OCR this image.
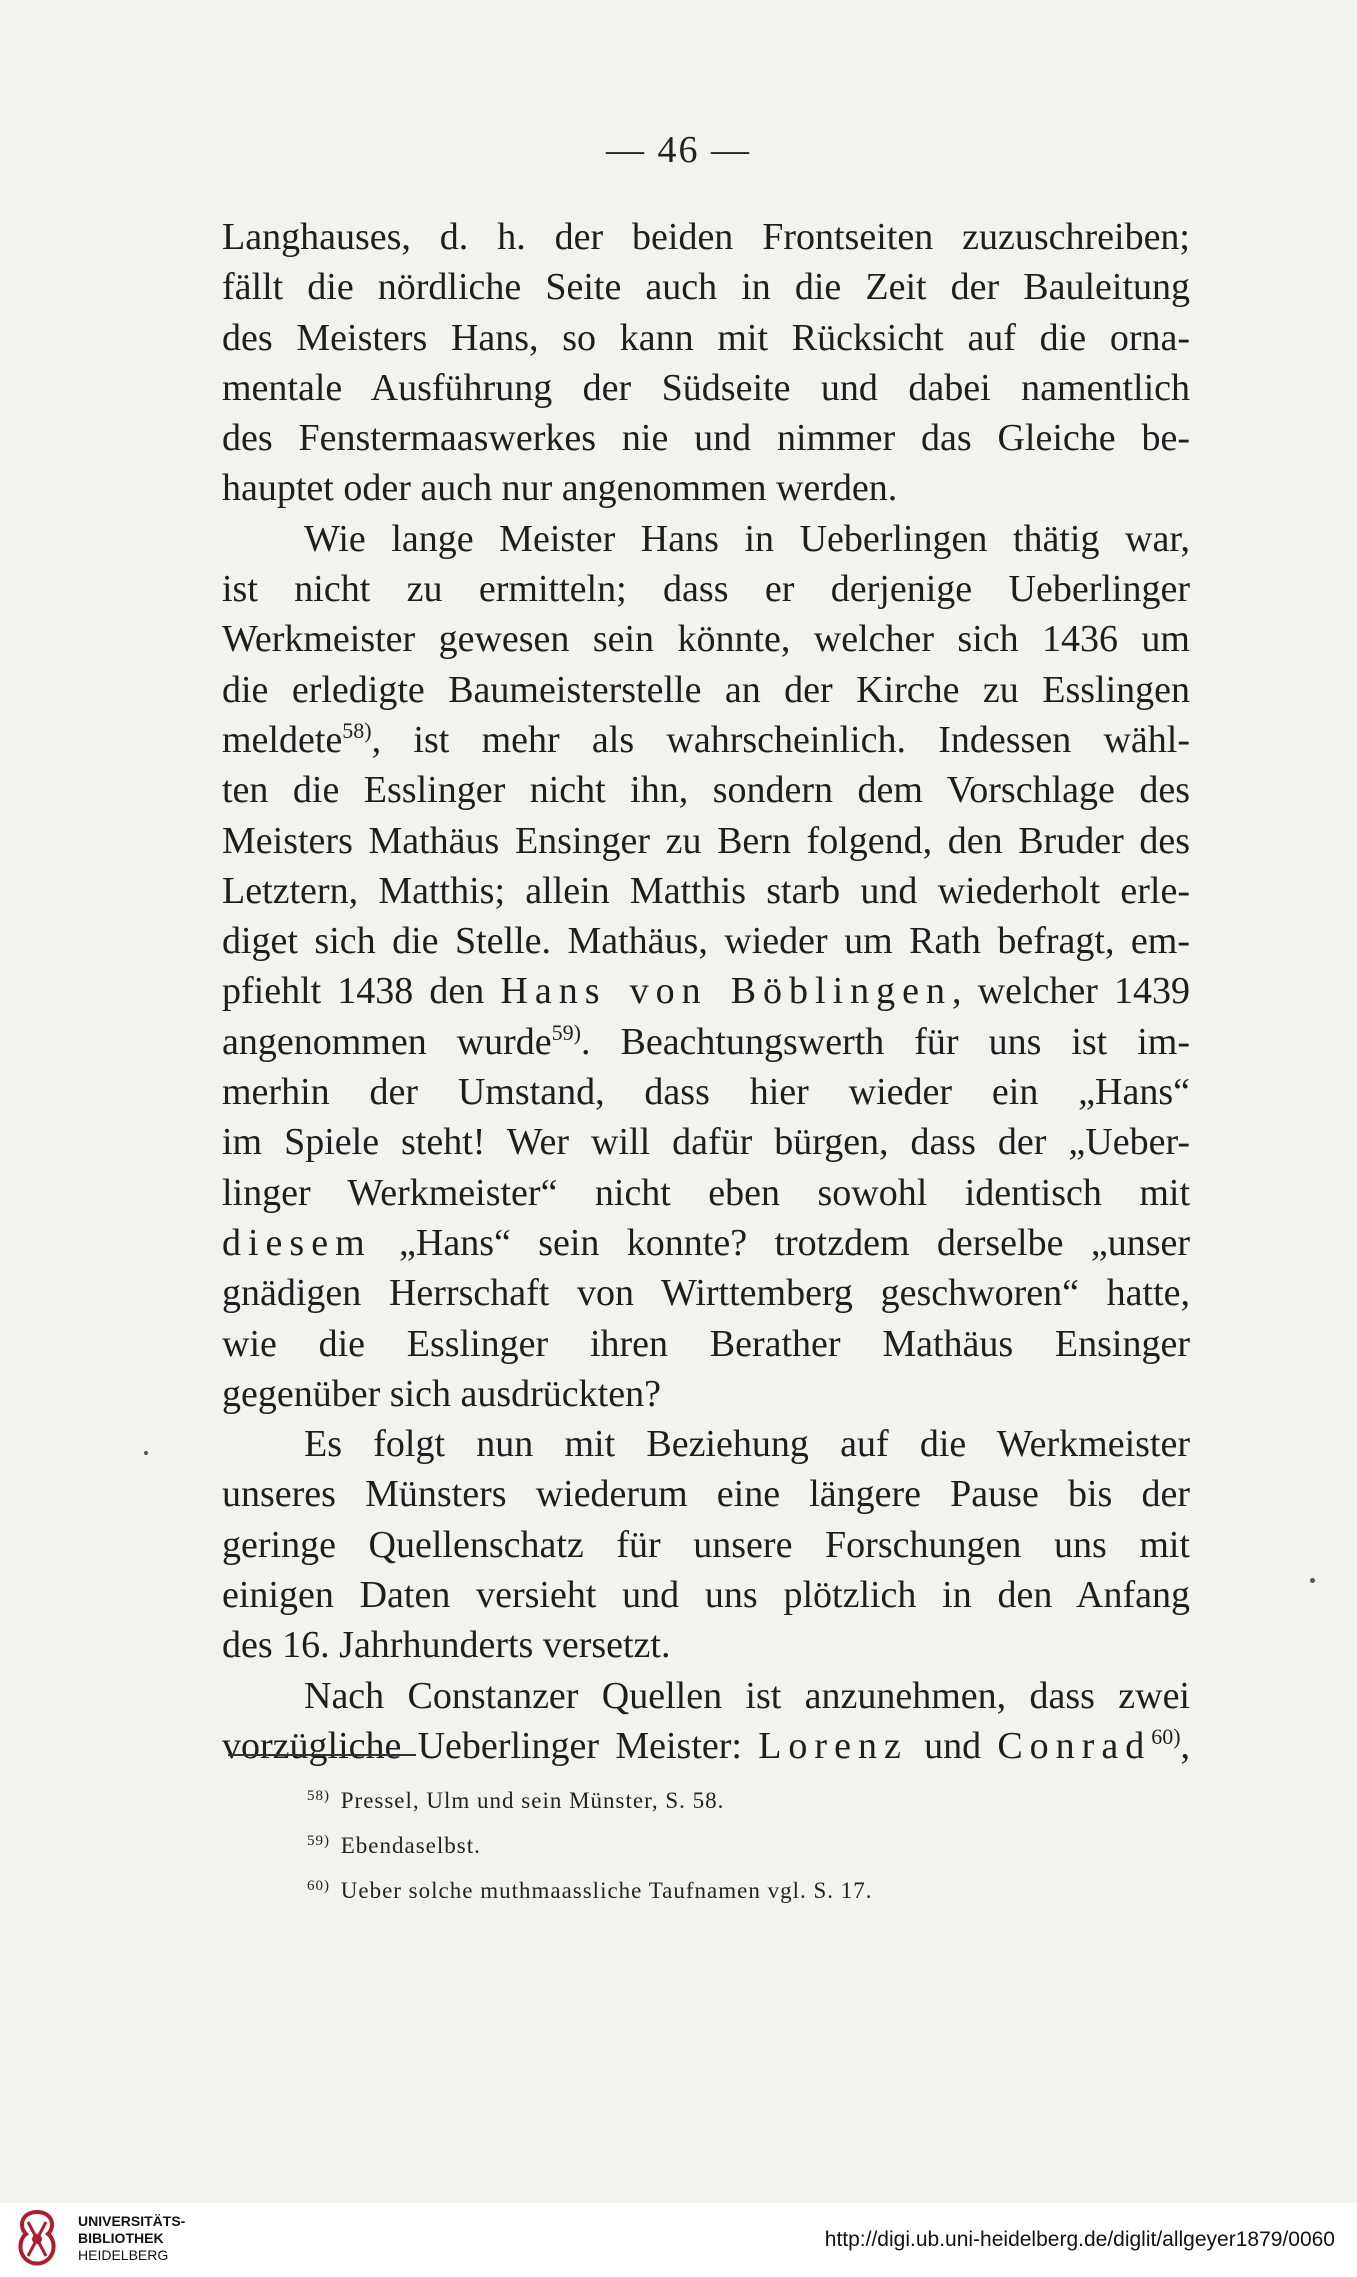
— 46 —
Langhauses, d. h. der beiden Frontseiten zuzuschreiben;
fällt die nördliche Seite auch in die Zeit der Bauleitung
des Meisters Hans, so kann mit Rücksicht auf die orna-
mentale Ausführung der Südseite und dabei namentlich
des Fenstermaaswerkes nie und nimmer das Gleiche be-
hauptet oder auch nur angenommen werden.
Wie lange Meister Hans in Ueberlingen thätig war,
ist nicht zu ermitteln; dass er derjenige Ueberlinger
Werkmeister gewesen sein könnte, welcher sich 1436 um
die erledigte Baumeisterstelle an der Kirche zu Esslingen
meldete$^{58)}$, ist mehr als wahrscheinlich. Indessen wähl-
ten die Esslinger nicht ihn, sondern dem Vorschlage des
Meisters Mathäus Ensinger zu Bern folgend, den Bruder des
Letztern, Matthis; allein Matthis starb und wiederholt erle-
diget sich die Stelle. Mathäus, wieder um Rath befragt, em-
pfiehlt 1438 den Hans von Böblingen, welcher 1439
angenommen wurde$^{59)}$. Beachtungswerth für uns ist im-
merhin der Umstand, dass hier wieder ein „Hans“
im Spiele steht! Wer will dafür bürgen, dass der „Ueber-
linger Werkmeister“ nicht eben sowohl identisch mit
diesem „Hans“ sein konnte? trotzdem derselbe „unser
gnädigen Herrschaft von Wirttemberg geschworen“ hatte,
wie die Esslinger ihren Berather Mathäus Ensinger
gegenüber sich ausdrückten?
Es folgt nun mit Beziehung auf die Werkmeister
unseres Münsters wiederum eine längere Pause bis der
geringe Quellenschatz für unsere Forschungen uns mit
einigen Daten versieht und uns plötzlich in den Anfang
des 16. Jahrhunderts versetzt.
Nach Constanzer Quellen ist anzunehmen, dass zwei
vorzügliche Ueberlinger Meister: Lorenz und Conrad$^{60)}$,
$^{58)}$ Pressel, Ulm und sein Münster, S. 58.
$^{59)}$ Ebendaselbst.
$^{60)}$ Ueber solche muthmaassliche Taufnamen vgl. S. 17.
UNIVERSITÄTS-
BIBLIOTHEK
HEIDELBERG
http://digi.ub.uni-heidelberg.de/diglit/allgeyer1879/0060
